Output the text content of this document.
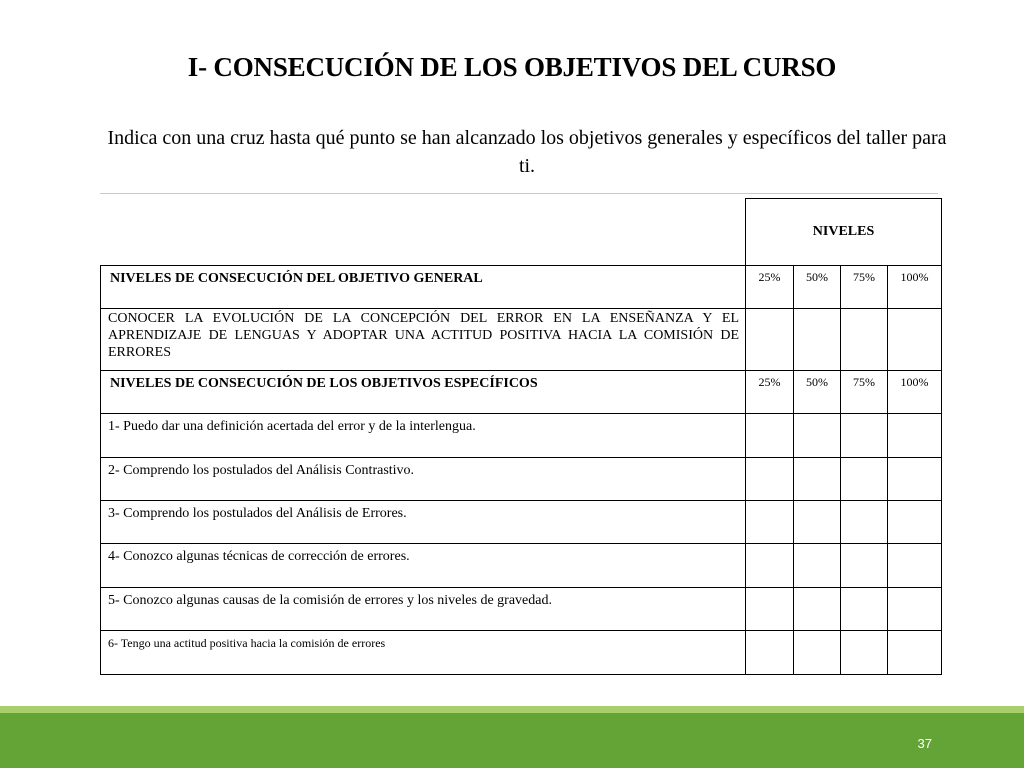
I- CONSECUCIÓN DE LOS OBJETIVOS DEL CURSO
Indica con una cruz hasta qué punto se han alcanzado los objetivos generales y específicos del taller para ti.
	NIVELES			
NIVELES DE CONSECUCIÓN DEL OBJETIVO GENERAL	25%	50%	75%	100%
CONOCER LA EVOLUCIÓN DE LA CONCEPCIÓN DEL ERROR EN LA ENSEÑANZA Y EL APRENDIZAJE DE LENGUAS Y ADOPTAR UNA ACTITUD POSITIVA HACIA LA COMISIÓN DE ERRORES				
NIVELES DE CONSECUCIÓN DE LOS OBJETIVOS ESPECÍFICOS	25%	50%	75%	100%
1- Puedo dar una definición acertada del error y de la interlengua.				
2- Comprendo los postulados del Análisis Contrastivo.				
3- Comprendo los postulados del Análisis de Errores.				
4- Conozco algunas técnicas de corrección de errores.				
5- Conozco algunas causas de la comisión de errores y los niveles de gravedad.				
6- Tengo una actitud positiva hacia la comisión de errores				
37
